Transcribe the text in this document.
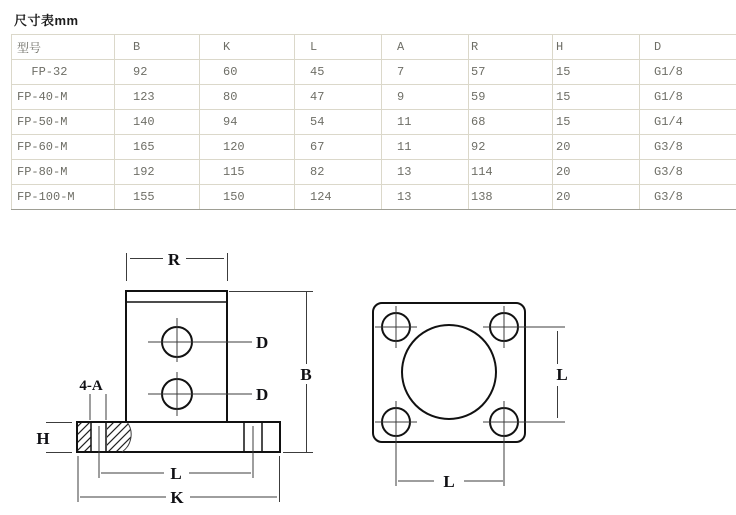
尺寸表mm
型号	B	K	L	A	R	H	D
FP-32	92	60	45	7	57	15	G1/8
FP-40-M	123	80	47	9	59	15	G1/8
FP-50-M	140	94	54	11	68	15	G1/4
FP-60-M	165	120	67	11	92	20	G3/8
FP-80-M	192	115	82	13	114	20	G3/8
FP-100-M	155	150	124	13	138	20	G3/8
R
D
D
B
4-A
H
L
K
L
L
